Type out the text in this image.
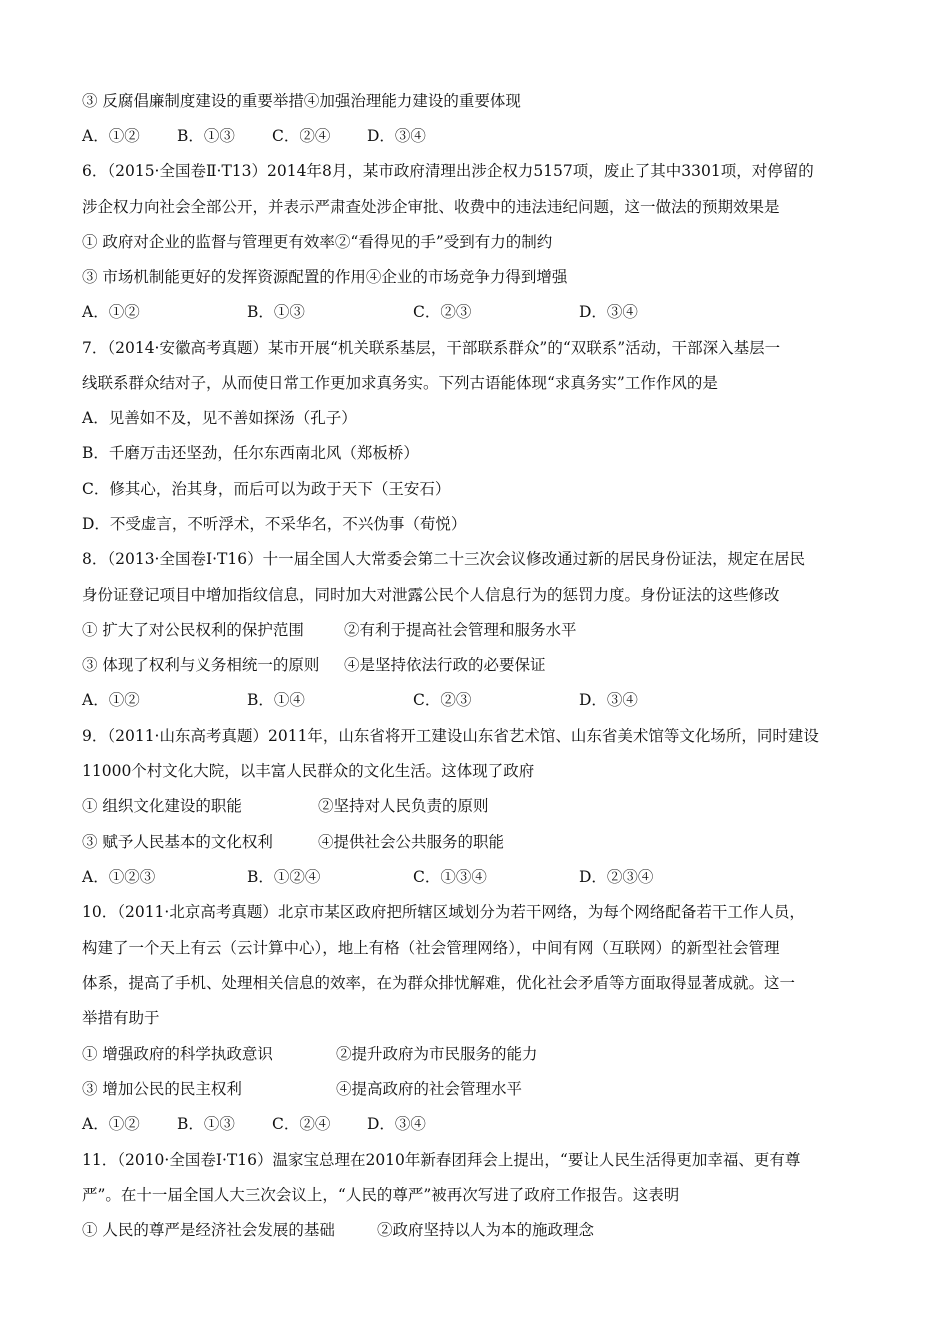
③ 反腐倡廉制度建设的重要举措④加强治理能力建设的重要体现
A．①② B．①③ C．②④ D．③④
6．（2015·全国卷Ⅱ·T13）2014年8月，某市政府清理出涉企权力5157项，废止了其中3301项，对停留的
涉企权力向社会全部公开，并表示严肃查处涉企审批、收费中的违法违纪问题，这一做法的预期效果是
① 政府对企业的监督与管理更有效率②“看得见的手”受到有力的制约
③ 市场机制能更好的发挥资源配置的作用④企业的市场竞争力得到增强
A．①②	B．①③	C．②③	D．③④
7．（2014·安徽高考真题）某市开展“机关联系基层，干部联系群众”的“双联系”活动，干部深入基层一
线联系群众结对子，从而使日常工作更加求真务实。下列古语能体现“求真务实”工作作风的是
A．见善如不及，见不善如探汤（孔子）
B．千磨万击还坚劲，任尔东西南北风（郑板桥）
C．修其心，治其身，而后可以为政于天下（王安石）
D．不受虚言，不听浮术，不采华名，不兴伪事（荀悦）
8．（2013·全国卷Ⅰ·T16）十一届全国人大常委会第二十三次会议修改通过新的居民身份证法，规定在居民
身份证登记项目中增加指纹信息，同时加大对泄露公民个人信息行为的惩罚力度。身份证法的这些修改
① 扩大了对公民权利的保护范围	②有利于提高社会管理和服务水平
③ 体现了权利与义务相统一的原则 ④是坚持依法行政的必要保证
A．①②	B．①④	C．②③	D．③④
9．（2011·山东高考真题）2011年，山东省将开工建设山东省艺术馆、山东省美术馆等文化场所，同时建设
11000个村文化大院，以丰富人民群众的文化生活。这体现了政府
① 组织文化建设的职能	②坚持对人民负责的原则
③ 赋予人民基本的文化权利	④提供社会公共服务的职能
A．①②③	B．①②④	C．①③④	D．②③④
10．（2011·北京高考真题）北京市某区政府把所辖区域划分为若干网络，为每个网络配备若干工作人员，
构建了一个天上有云（云计算中心），地上有格（社会管理网络），中间有网（互联网）的新型社会管理
体系，提高了手机、处理相关信息的效率，在为群众排忧解难，优化社会矛盾等方面取得显著成就。这一
举措有助于
① 增强政府的科学执政意识	②提升政府为市民服务的能力
③ 增加公民的民主权利	④提高政府的社会管理水平
A．①② B．①③ C．②④ D．③④
11．（2010·全国卷Ⅰ·T16）温家宝总理在2010年新春团拜会上提出，“要让人民生活得更加幸福、更有尊
严”。在十一届全国人大三次会议上，“人民的尊严”被再次写进了政府工作报告。这表明
① 人民的尊严是经济社会发展的基础	②政府坚持以人为本的施政理念
